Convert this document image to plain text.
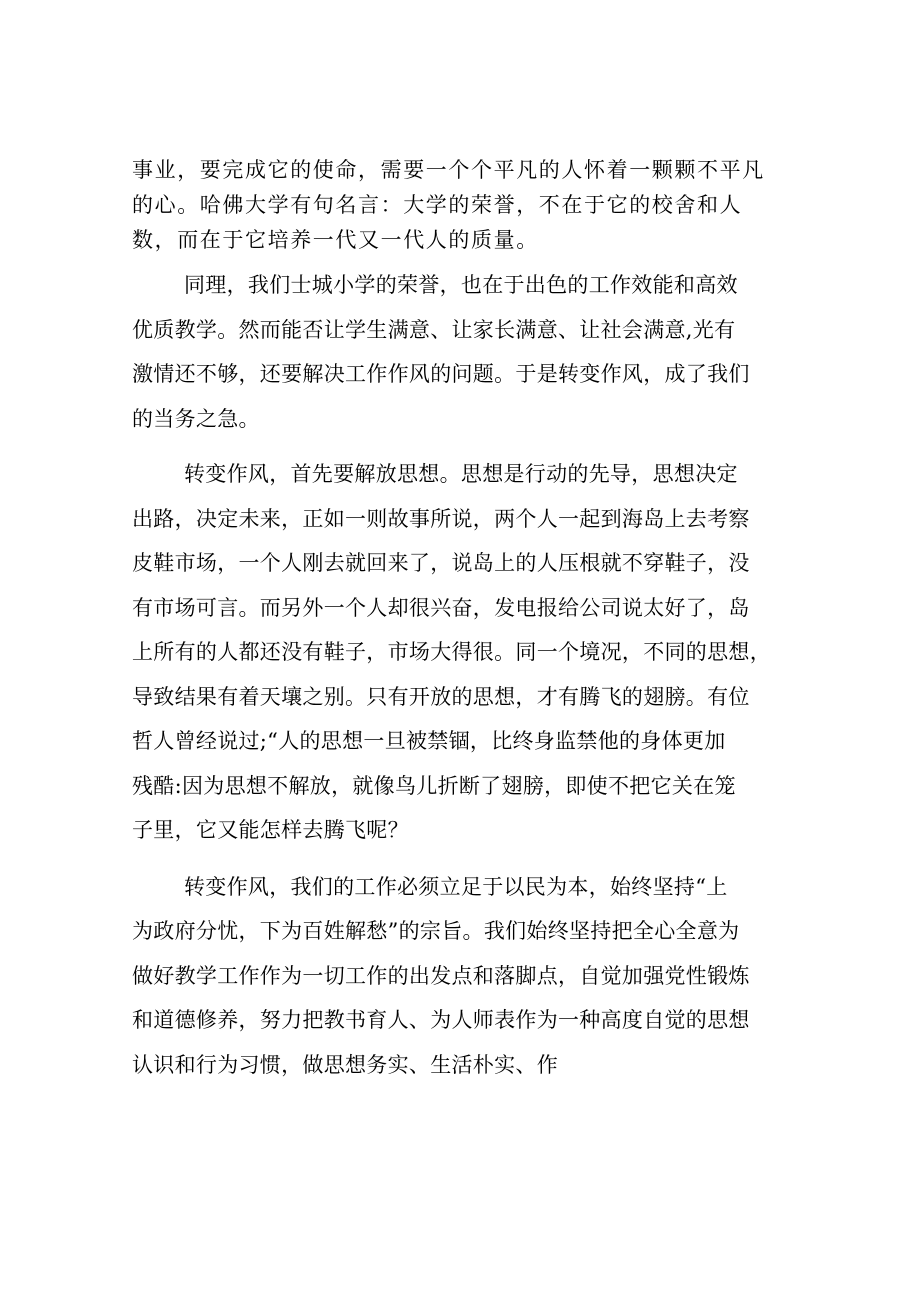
事业，要完成它的使命，需要一个个平凡的人怀着一颗颗不平凡
的心。哈佛大学有句名言：大学的荣誉，不在于它的校舍和人
数，而在于它培养一代又一代人的质量。

同理，我们士城小学的荣誉，也在于出色的工作效能和高效
优质教学。然而能否让学生满意、让家长满意、让社会满意,光有
激情还不够，还要解决工作作风的问题。于是转变作风，成了我们
的当务之急。

转变作风，首先要解放思想。思想是行动的先导，思想决定
出路，决定未来，正如一则故事所说，两个人一起到海岛上去考察
皮鞋市场，一个人刚去就回来了，说岛上的人压根就不穿鞋子，没
有市场可言。而另外一个人却很兴奋，发电报给公司说太好了，岛
上所有的人都还没有鞋子，市场大得很。同一个境况，不同的思想，
导致结果有着天壤之别。只有开放的思想，才有腾飞的翅膀。有位
哲人曾经说过;“人的思想一旦被禁锢，比终身监禁他的身体更加
残酷:因为思想不解放，就像鸟儿折断了翅膀，即使不把它关在笼
子里，它又能怎样去腾飞呢？

转变作风，我们的工作必须立足于以民为本，始终坚持“上
为政府分忧，下为百姓解愁”的宗旨。我们始终坚持把全心全意为
做好教学工作作为一切工作的出发点和落脚点，自觉加强党性锻炼
和道德修养，努力把教书育人、为人师表作为一种高度自觉的思想
认识和行为习惯，做思想务实、生活朴实、作
